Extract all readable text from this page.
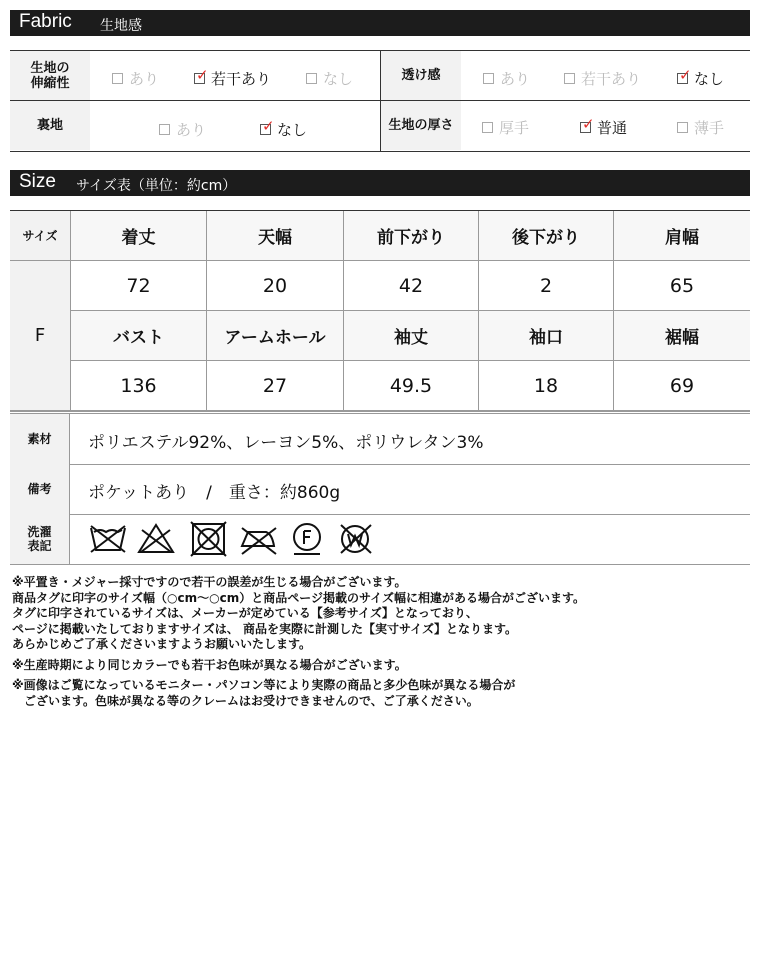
Fabric 生地感
生地の
伸縮性	あり ✓ 若干あり	なし	透け感	あり	若干あり	✓ なし
裏地	あり	✓ なし	生地の厚さ	厚手	✓ 普通	薄手
Size サイズ表（単位：約cm）
サイズ
F
着丈	天幅	前下がり	後下がり	肩幅
72	20	42	2	65
バスト	アームホール	袖丈	袖口	裾幅
136	27	49.5	18	69
素材	ポリエステル92%、レーヨン5%、ポリウレタン3%
備考	ポケットあり　/　重さ：約860g
洗濯
表記

※平置き・メジャー採寸ですので若干の誤差が生じる場合がございます。

商品タグに印字のサイズ幅（○cm〜○cm）と商品ページ掲載のサイズ幅に相違がある場合がございます。

タグに印字されているサイズは、メーカーが定めている【参考サイズ】となっており、

ページに掲載いたしておりますサイズは、 商品を実際に計測した【実寸サイズ】となります。

あらかじめご了承くださいますようお願いいたします。

※生産時期により同じカラーでも若干お色味が異なる場合がございます。

※画像はご覧になっているモニター・パソコン等により実際の商品と多少色味が異なる場合が

　ございます。色味が異なる等のクレームはお受けできませんので、ご了承ください。
